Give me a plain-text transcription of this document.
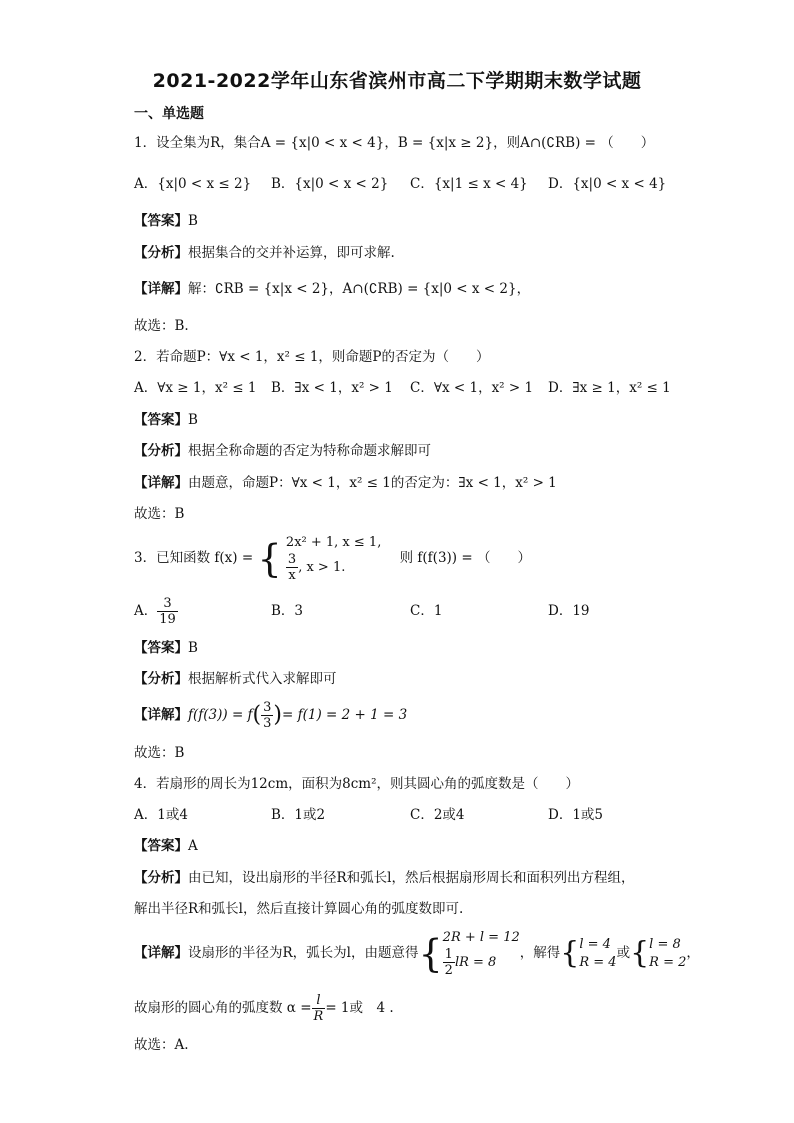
2021-2022学年山东省滨州市高二下学期期末数学试题
一、单选题
1．设全集为R，集合A = {x|0 < x < 4}，B = {x|x ≥ 2}，则A∩(∁RB) = （　　）
A．{x|0 < x ≤ 2} B．{x|0 < x < 2} C．{x|1 ≤ x < 4} D．{x|0 < x < 4}
【答案】B
【分析】根据集合的交并补运算，即可求解.
【详解】解：∁RB = {x|x < 2}，A∩(∁RB) = {x|0 < x < 2}，
故选：B.
2．若命题P：∀x < 1，x² ≤ 1，则命题P的否定为（　　）
A．∀x ≥ 1，x² ≤ 1 B．∃x < 1，x² > 1 C．∀x < 1，x² > 1 D．∃x ≥ 1，x² ≤ 1
【答案】B
【分析】根据全称命题的否定为特称命题求解即可
【详解】由题意，命题P：∀x < 1，x² ≤ 1的否定为：∃x < 1，x² > 1
故选：B
3．已知函数 f(x) = { 2x² + 1, x ≤ 1,
$\frac{3}{x}$ , x > 1.
则 f(f(3)) = （　　）
A． $\frac{3}{19}$	B．3	C．1	D．19
【答案】B
【分析】根据解析式代入求解即可
【详解】$f(f(3)) = f( \frac{3}{3}$ )= f(1) = 2 + 1 = 3
故选：B
4．若扇形的周长为12cm，面积为8cm²，则其圆心角的弧度数是（　　）
A．1或4	B．1或2	C．2或4	D．1或5
【答案】A
【分析】由已知，设出扇形的半径R和弧长l，然后根据扇形周长和面积列出方程组，
解出半径R和弧长l，然后直接计算圆心角的弧度数即可.
【详解】设扇形的半径为R，弧长为l，由题意得{ 2R + l = 12
$\frac{1}{2}$ lR = 8
，解得{ l = 4
R = 4
或{ l = 8
R = 2
，
故扇形的圆心角的弧度数 $\alpha = \frac{l}{R} = 1$或　4 .
故选：A.
